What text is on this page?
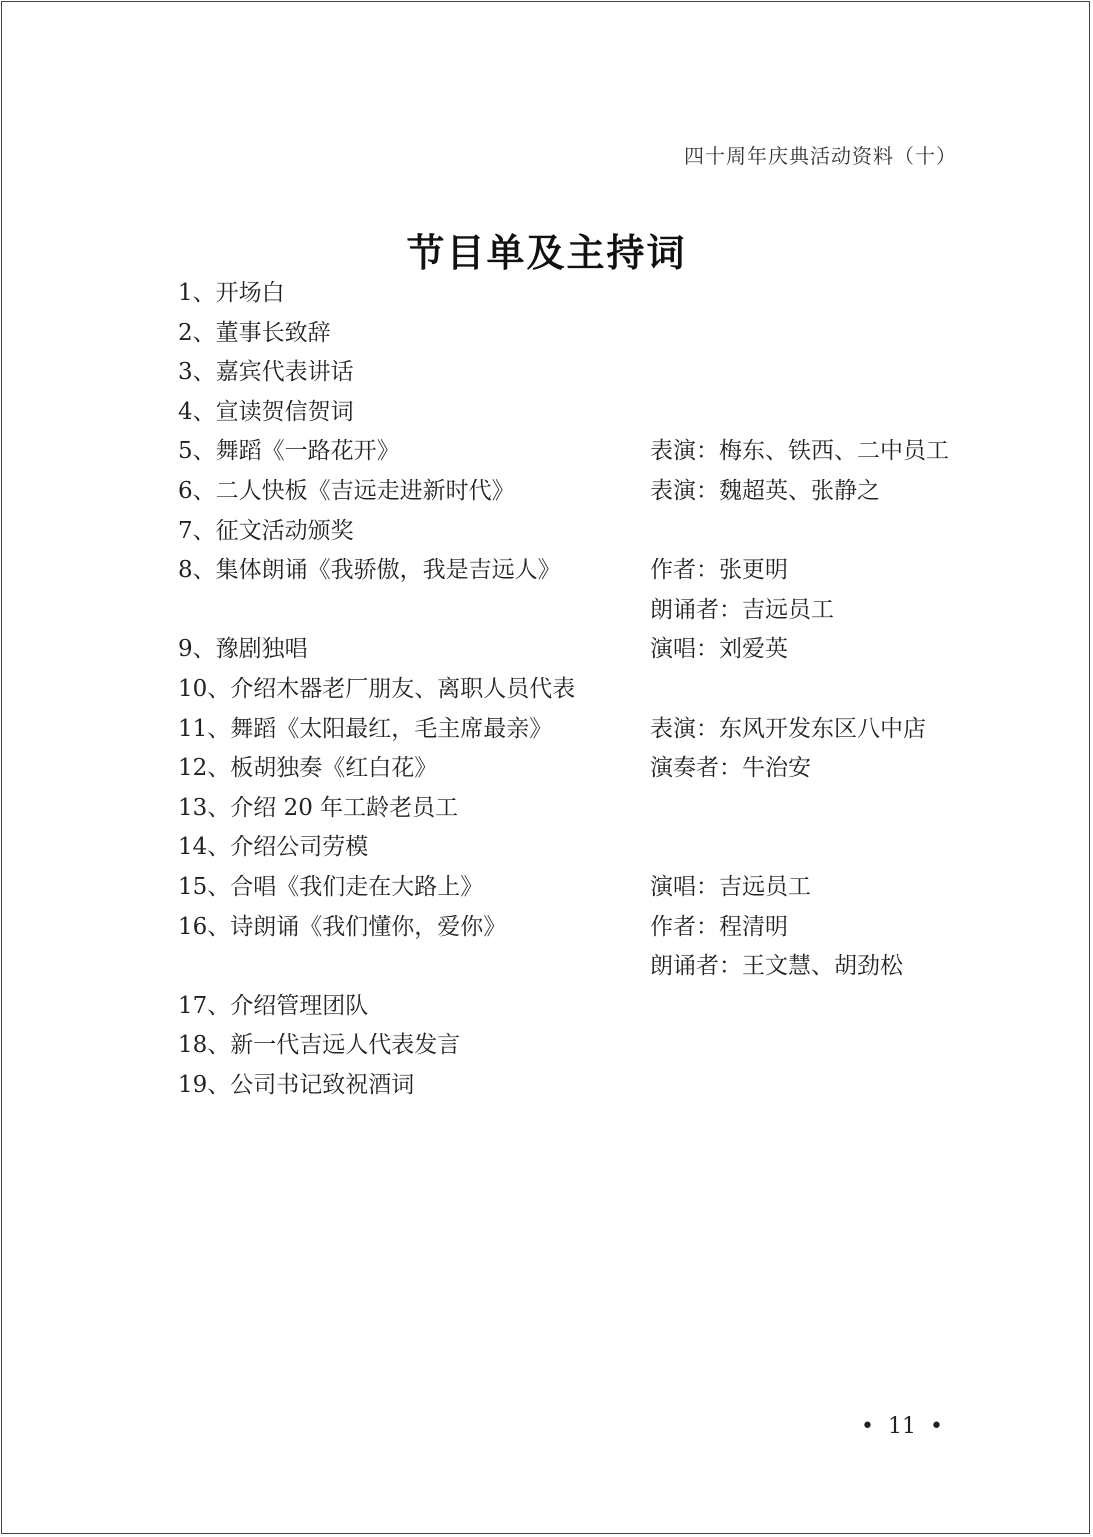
四十周年庆典活动资料（十）
节目单及主持词
1、开场白
2、董事长致辞
3、嘉宾代表讲话
4、宣读贺信贺词
5、舞蹈《一路花开》	表演：梅东、铁西、二中员工
6、二人快板《吉远走进新时代》	表演：魏超英、张静之
7、征文活动颁奖
8、集体朗诵《我骄傲，我是吉远人》	作者：张更明
朗诵者：吉远员工
9、豫剧独唱	演唱：刘爱英
10、介绍木器老厂朋友、离职人员代表
11、舞蹈《太阳最红，毛主席最亲》	表演：东风开发东区八中店
12、板胡独奏《红白花》	演奏者：牛治安
13、介绍 20 年工龄老员工
14、介绍公司劳模
15、合唱《我们走在大路上》	演唱：吉远员工
16、诗朗诵《我们懂你，爱你》	作者：程清明
朗诵者：王文慧、胡劲松
17、介绍管理团队
18、新一代吉远人代表发言
19、公司书记致祝酒词
• 11 •
